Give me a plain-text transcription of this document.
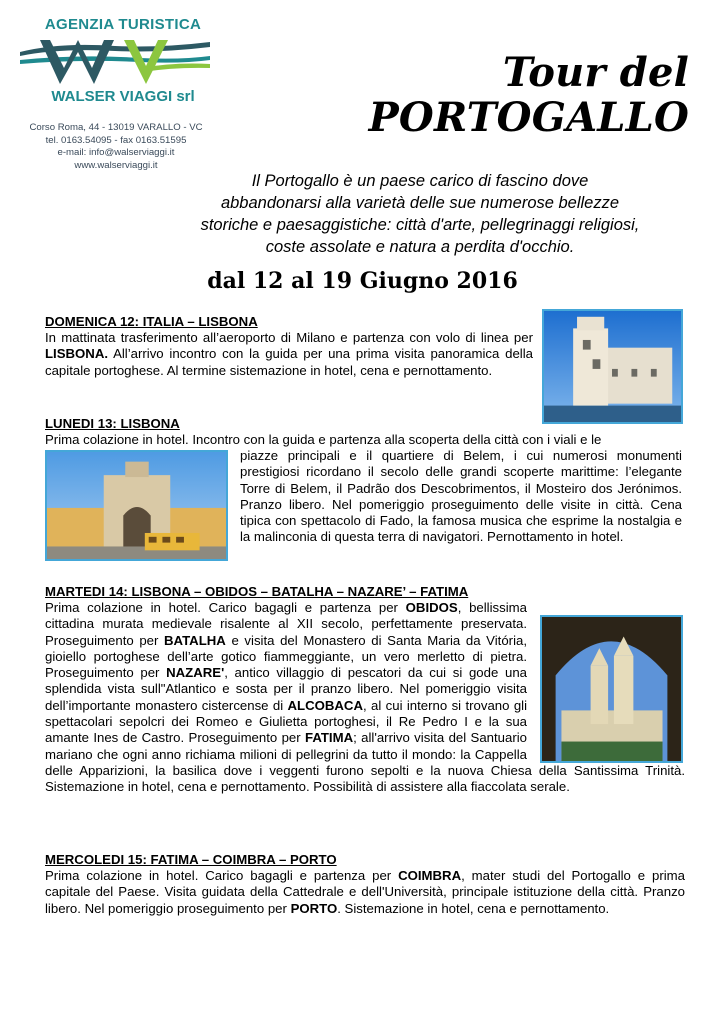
AGENZIA TURISTICA
WALSER VIAGGI srl
Corso Roma, 44 - 13019 VARALLO - VC
tel. 0163.54095 - fax 0163.51595
e-mail: info@walserviaggi.it
www.walserviaggi.it
Tour del
PORTOGALLO
Il Portogallo è un paese carico di fascino dove
abbandonarsi alla varietà delle sue numerose bellezze
storiche e paesaggistiche: città d'arte, pellegrinaggi religiosi,
coste assolate e natura a perdita d'occhio.
dal 12 al 19 Giugno 2016
DOMENICA 12: ITALIA – LISBONA
In mattinata trasferimento all’aeroporto di Milano e partenza con volo di linea per LISBONA. All’arrivo incontro con la guida per una prima visita panoramica della capitale portoghese. Al termine sistemazione in hotel, cena e pernottamento.
LUNEDI 13: LISBONA
Prima colazione in hotel. Incontro con la guida e partenza alla scoperta della città con i viali e le
piazze principali e il quartiere di Belem, i cui numerosi monumenti prestigiosi ricordano il secolo delle grandi scoperte marittime: l’elegante Torre di Belem, il Padrão dos Descobrimentos, il Mosteiro dos Jerónimos. Pranzo libero. Nel pomeriggio proseguimento delle visite in città. Cena tipica con spettacolo di Fado, la famosa musica che esprime la nostalgia e la malinconia di questa terra di navigatori. Pernottamento in hotel.
MARTEDI 14: LISBONA – OBIDOS – BATALHA – NAZARE’ – FATIMA
Prima colazione in hotel. Carico bagagli e partenza per OBIDOS, bellissima cittadina murata medievale risalente al XII secolo, perfettamente preservata. Proseguimento per BATALHA e visita del Monastero di Santa Maria da Vitória, gioiello portoghese dell’arte gotico fiammeggiante, un vero merletto di pietra. Proseguimento per NAZARE', antico villaggio di pescatori da cui si gode una splendida vista sull"Atlantico e sosta per il pranzo libero. Nel pomeriggio visita dell’importante monastero cistercense di ALCOBACA, al cui interno si trovano gli spettacolari sepolcri dei Romeo e Giulietta portoghesi, il Re Pedro I e la sua amante Ines de Castro. Proseguimento per FATIMA; all'arrivo visita del Santuario mariano che ogni anno richiama milioni di pellegrini da tutto il mondo: la Cappella delle Apparizioni, la basilica dove i veggenti furono sepolti e la nuova Chiesa della Santissima Trinità. Sistemazione in hotel, cena e pernottamento. Possibilità di assistere alla fiaccolata serale.
MERCOLEDI 15: FATIMA – COIMBRA – PORTO
Prima colazione in hotel. Carico bagagli e partenza per COIMBRA, mater studi del Portogallo e prima capitale del Paese. Visita guidata della Cattedrale e dell'Università, principale istituzione della città. Pranzo libero. Nel pomeriggio proseguimento per PORTO. Sistemazione in hotel, cena e pernottamento.
